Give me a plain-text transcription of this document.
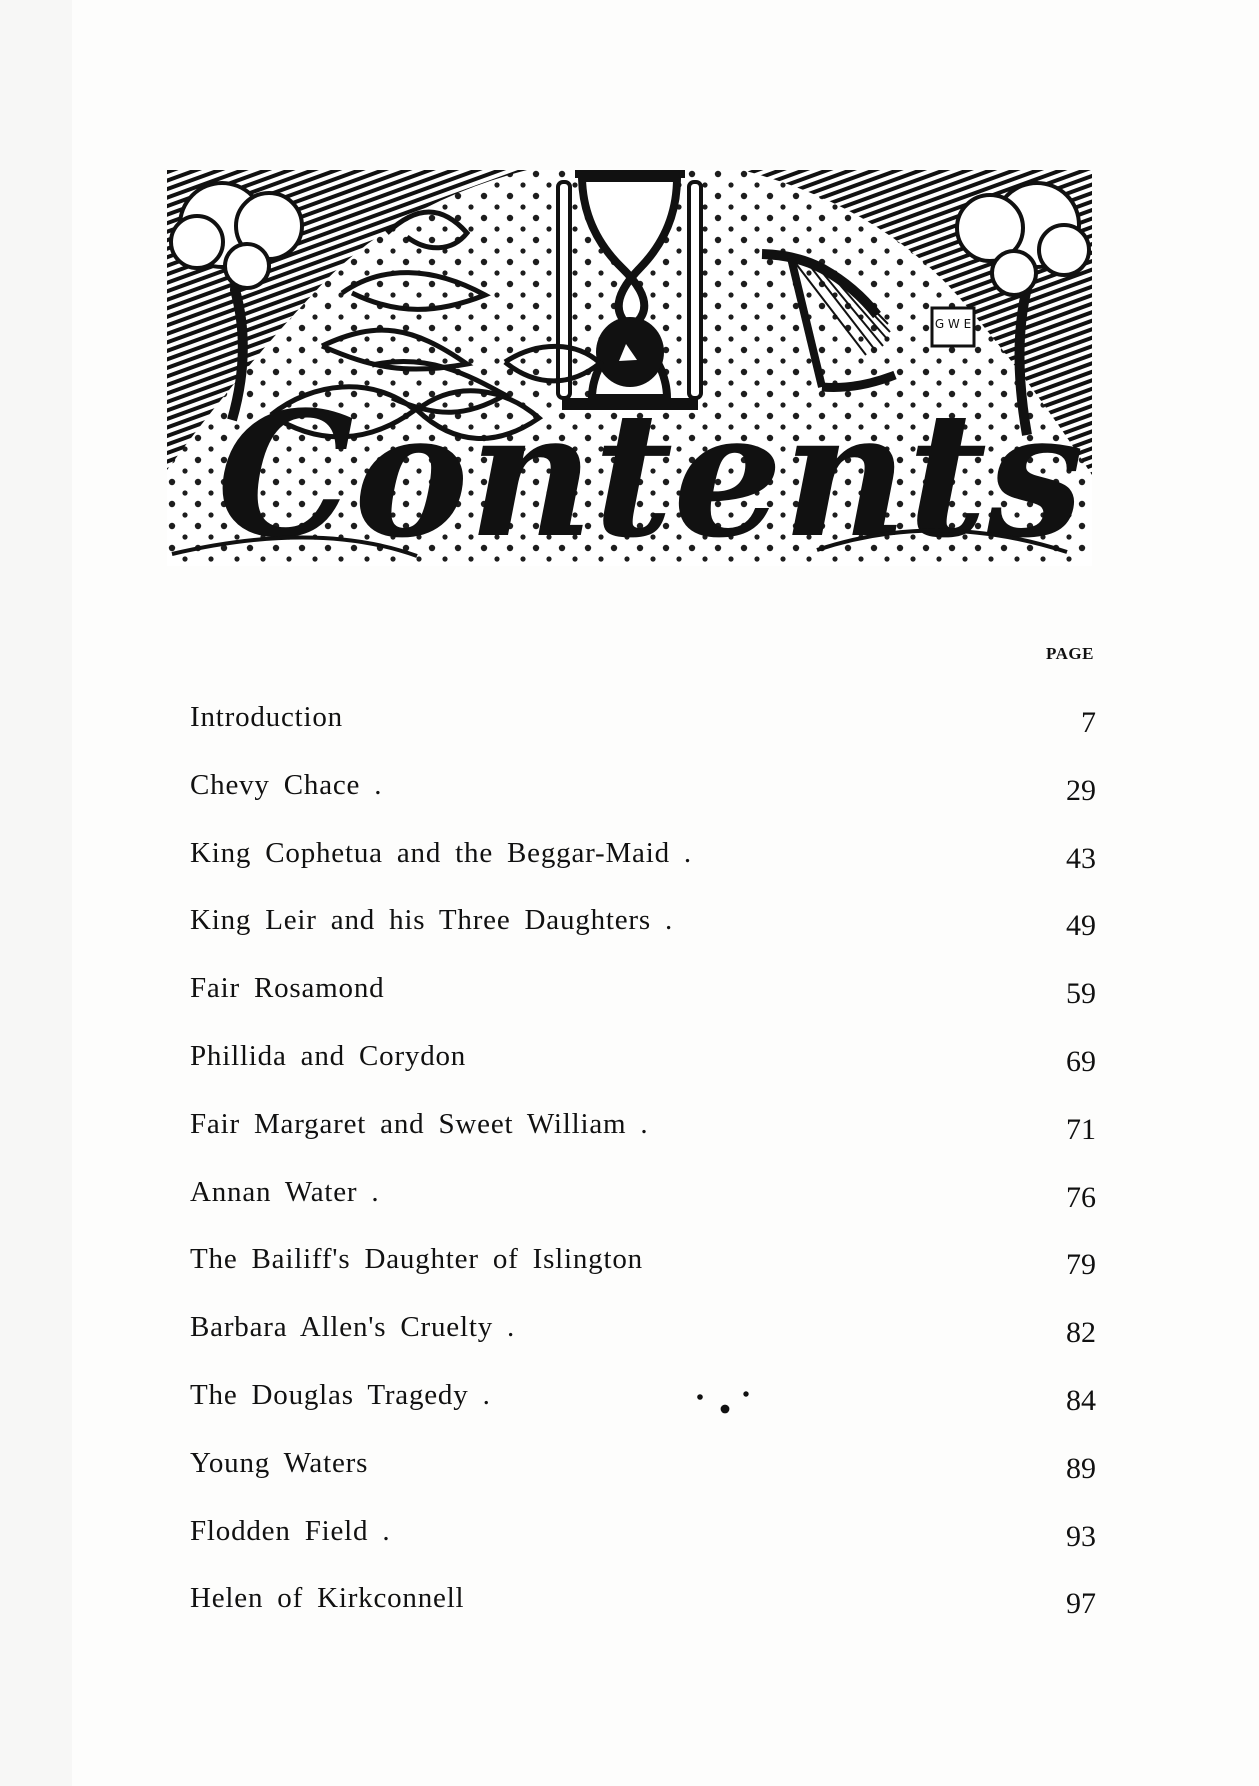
G W E
Contents
PAGE
Introduction	7
Chevy Chace .	29
King Cophetua and the Beggar-Maid .	43
King Leir and his Three Daughters .	49
Fair Rosamond	59
Phillida and Corydon	69
Fair Margaret and Sweet William .	71
Annan Water .	76
The Bailiff's Daughter of Islington	79
Barbara Allen's Cruelty .	82
The Douglas Tragedy .	84
Young Waters	89
Flodden Field .	93
Helen of Kirkconnell	97
